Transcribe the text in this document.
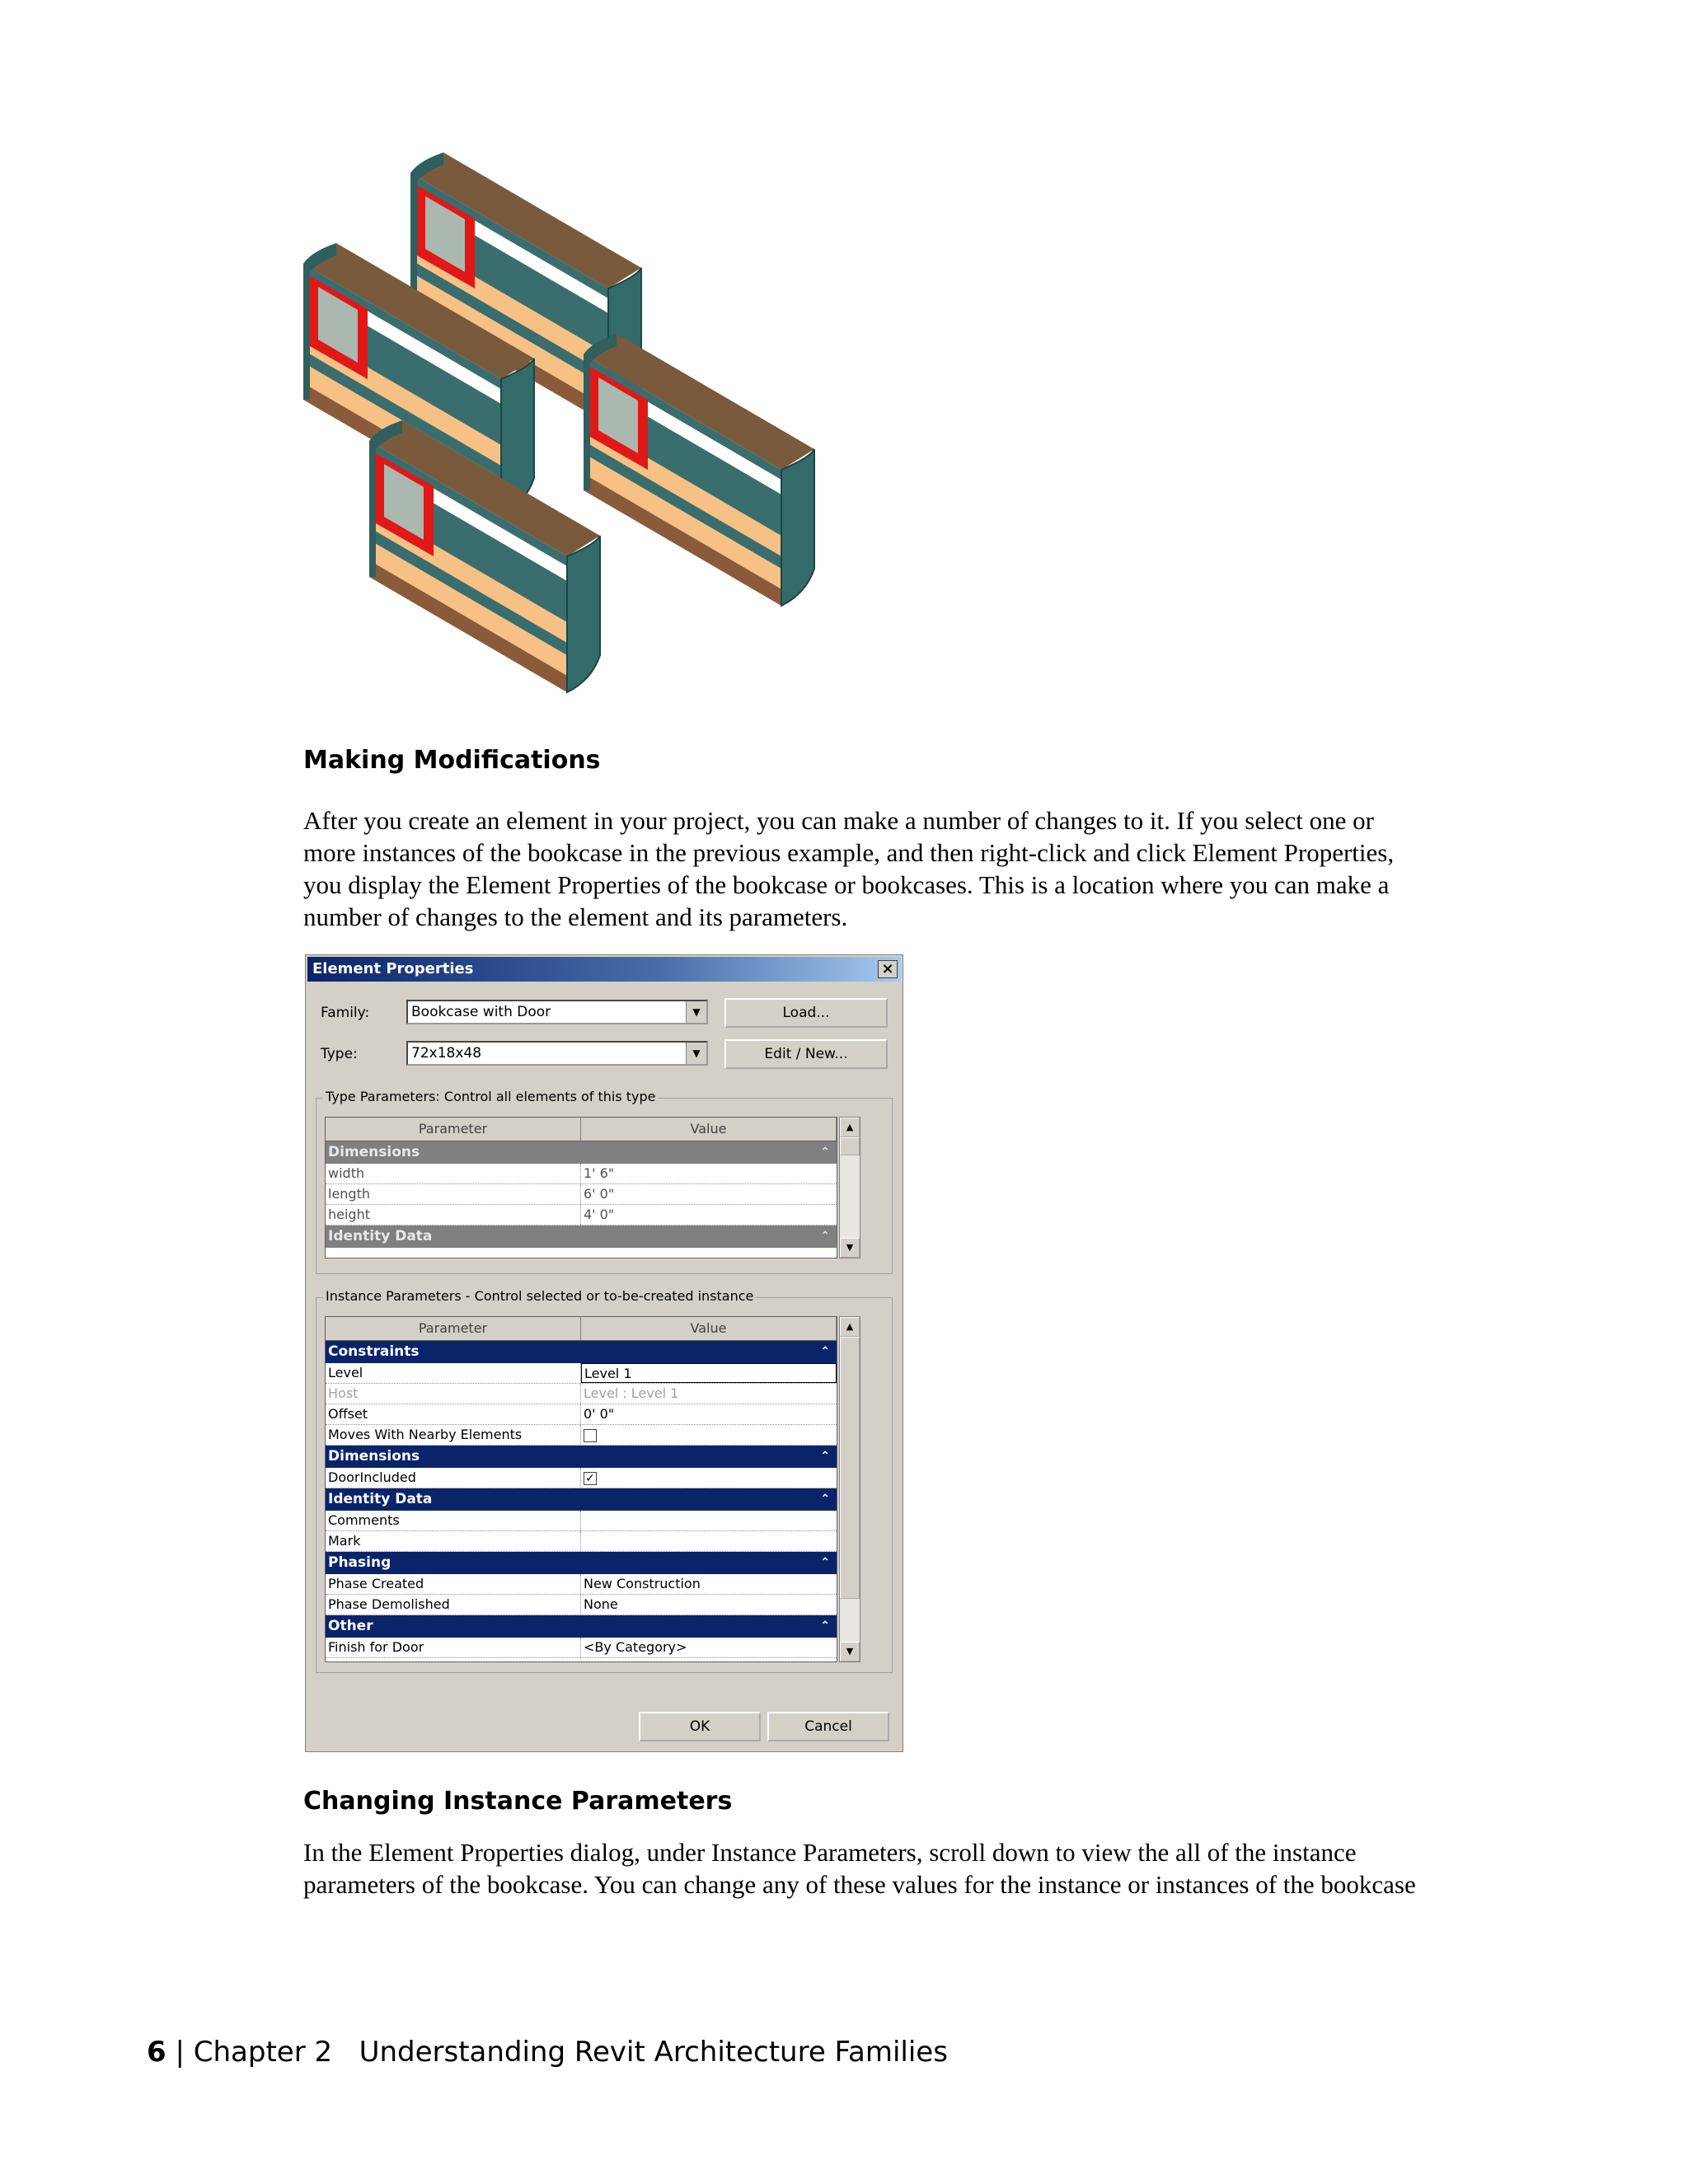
Making Modifications

After you create an element in your project, you can make a number of changes to it. If you select one or
more instances of the bookcase in the previous example, and then right-click and click Element Properties,
you display the Element Properties of the bookcase or bookcases. This is a location where you can make a
number of changes to the element and its parameters.

Element Properties	×
Family:	Bookcase with Door	▼	Load...
Type:	72x18x48	▼	Edit / New...
Type Parameters: Control all elements of this type
Parameter	Value
Dimensions	⌃
width	1' 6"
length	6' 0"
height	4' 0"
Identity Data	⌃
▲
▼
Instance Parameters - Control selected or to-be-created instance
Parameter	Value
Constraints	⌃
Level	Level 1
Host	Level : Level 1
Offset	0' 0"
Moves With Nearby Elements
Dimensions	⌃
DoorIncluded	✓
Identity Data	⌃
Comments
Mark
Phasing	⌃
Phase Created	New Construction
Phase Demolished	None
Other	⌃
Finish for Door	<By Category>
▲
▼
OK	Cancel
Changing Instance Parameters

In the Element Properties dialog, under Instance Parameters, scroll down to view the all of the instance
parameters of the bookcase. You can change any of these values for the instance or instances of the bookcase

6 | Chapter 2 Understanding Revit Architecture Families
